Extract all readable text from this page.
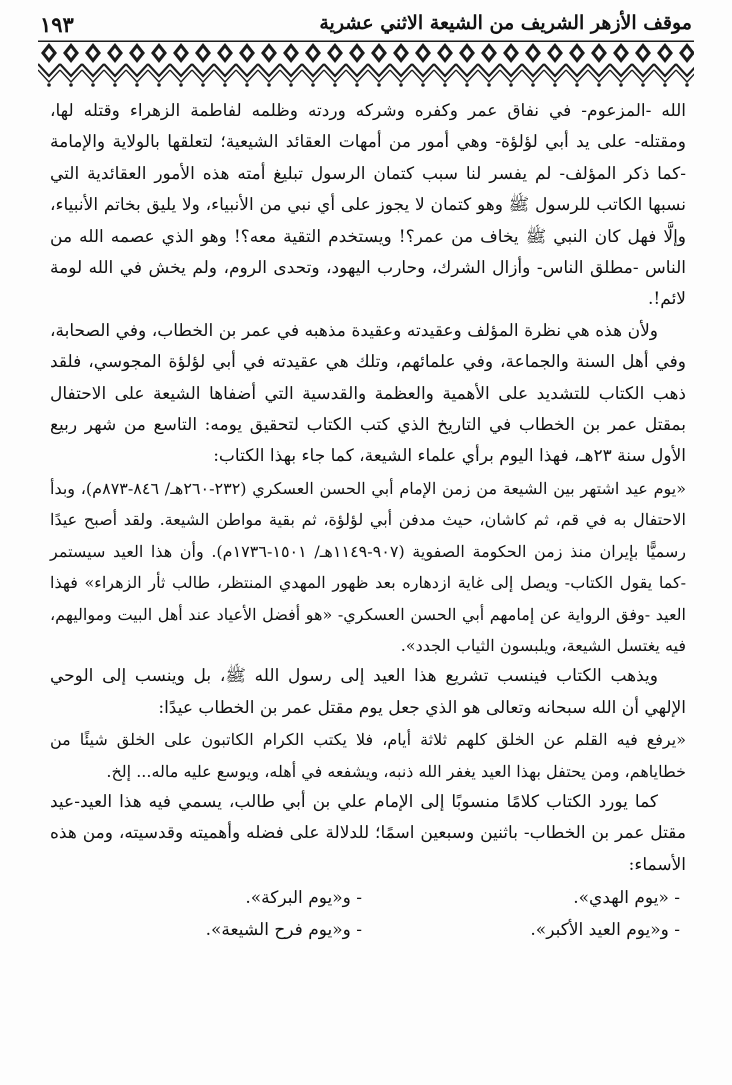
١٩٣	موقف الأزهر الشريف من الشيعة الاثني عشرية

الله -المزعوم- في نفاق عمر وكفره وشركه وردته وظلمه لفاطمة الزهراء وقتله لها، ومقتله- على يد أبي لؤلؤة- وهي أمور من أمهات العقائد الشيعية؛ لتعلقها بالولاية والإمامة -كما ذكر المؤلف- لم يفسر لنا سبب كتمان الرسول تبليغ أمته هذه الأمور العقائدية التي نسبها الكاتب للرسول ﷺ وهو كتمان لا يجوز على أي نبي من الأنبياء، ولا يليق بخاتم الأنبياء، وإلَّا فهل كان النبي ﷺ يخاف من عمر؟! ويستخدم التقية معه؟! وهو الذي عصمه الله من الناس -مطلق الناس- وأزال الشرك، وحارب اليهود، وتحدى الروم، ولم يخش في الله لومة لائم!.

ولأن هذه هي نظرة المؤلف وعقيدته وعقيدة مذهبه في عمر بن الخطاب، وفي الصحابة، وفي أهل السنة والجماعة، وفي علمائهم، وتلك هي عقيدته في أبي لؤلؤة المجوسي، فلقد ذهب الكتاب للتشديد على الأهمية والعظمة والقدسية التي أضفاها الشيعة على الاحتفال بمقتل عمر بن الخطاب في التاريخ الذي كتب الكتاب لتحقيق يومه: التاسع من شهر ربيع الأول سنة ٢٣هـ، فهذا اليوم برأي علماء الشيعة، كما جاء بهذا الكتاب:

«يوم عيد اشتهر بين الشيعة من زمن الإمام أبي الحسن العسكري (٢٣٢-٢٦٠هـ/ ٨٤٦-٨٧٣م)، وبدأ الاحتفال به في قم، ثم كاشان، حيث مدفن أبي لؤلؤة، ثم بقية مواطن الشيعة. ولقد أصبح عيدًا رسميًّا بإيران منذ زمن الحكومة الصفوية (٩٠٧-١١٤٩هـ/ ١٥٠١-١٧٣٦م). وأن هذا العيد سيستمر -كما يقول الكتاب- ويصل إلى غاية ازدهاره بعد ظهور المهدي المنتظر، طالب ثأر الزهراء» فهذا العيد -وفق الرواية عن إمامهم أبي الحسن العسكري- «هو أفضل الأعياد عند أهل البيت ومواليهم، فيه يغتسل الشيعة، ويلبسون الثياب الجدد».

ويذهب الكتاب فينسب تشريع هذا العيد إلى رسول الله ﷺ، بل وينسب إلى الوحي الإلهي أن الله سبحانه وتعالى هو الذي جعل يوم مقتل عمر بن الخطاب عيدًا:

«يرفع فيه القلم عن الخلق كلهم ثلاثة أيام، فلا يكتب الكرام الكاتبون على الخلق شيئًا من خطاياهم، ومن يحتفل بهذا العيد يغفر الله ذنبه، ويشفعه في أهله، ويوسع عليه ماله... إلخ.

كما يورد الكتاب كلامًا منسوبًا إلى الإمام علي بن أبي طالب، يسمي فيه هذا العيد-عيد مقتل عمر بن الخطاب- باثنين وسبعين اسمًا؛ للدلالة على فضله وأهميته وقدسيته، ومن هذه الأسماء:

- «يوم الهدي».
- و«يوم البركة».
- و«يوم العيد الأكبر».
- و«يوم فرح الشيعة».
